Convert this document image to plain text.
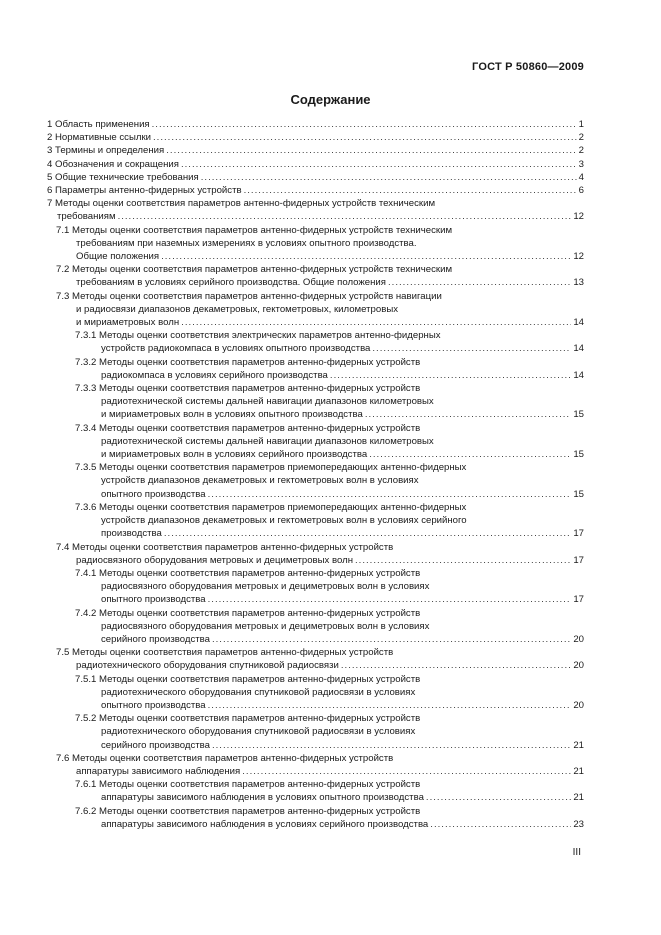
ГОСТ Р 50860—2009
Содержание
1 Область применения .....	1
2 Нормативные ссылки .....	2
3 Термины и определения .....	2
4 Обозначения и сокращения .....	3
5 Общие технические требования .....	4
6 Параметры антенно-фидерных устройств .....	6
7 Методы оценки соответствия параметров антенно-фидерных устройств техническим
требованиям .....	12
7.1 Методы оценки соответствия параметров антенно-фидерных устройств техническим
требованиям при наземных измерениях в условиях опытного производства.
Общие положения .....	12
7.2 Методы оценки соответствия параметров антенно-фидерных устройств техническим
требованиям в условиях серийного производства. Общие положения .....	13
7.3 Методы оценки соответствия параметров антенно-фидерных устройств навигации
и радиосвязи диапазонов декаметровых, гектометровых, километровых
и мириаметровых волн .....	14
7.3.1 Методы оценки соответствия электрических параметров антенно-фидерных
устройств радиокомпаса в условиях опытного производства .....	14
7.3.2 Методы оценки соответствия параметров антенно-фидерных устройств
радиокомпаса в условиях серийного производства .....	14
7.3.3 Методы оценки соответствия параметров антенно-фидерных устройств
радиотехнической системы дальней навигации диапазонов километровых
и мириаметровых волн в условиях опытного производства .....	15
7.3.4 Методы оценки соответствия параметров антенно-фидерных устройств
радиотехнической системы дальней навигации диапазонов километровых
и мириаметровых волн в условиях серийного производства .....	15
7.3.5 Методы оценки соответствия параметров приемопередающих антенно-фидерных
устройств диапазонов декаметровых и гектометровых волн в условиях
опытного производства .....	15
7.3.6 Методы оценки соответствия параметров приемопередающих антенно-фидерных
устройств диапазонов декаметровых и гектометровых волн в условиях серийного
производства .....	17
7.4 Методы оценки соответствия параметров антенно-фидерных устройств
радиосвязного оборудования метровых и дециметровых волн .....	17
7.4.1 Методы оценки соответствия параметров антенно-фидерных устройств
радиосвязного оборудования метровых и дециметровых волн в условиях
опытного производства .....	17
7.4.2 Методы оценки соответствия параметров антенно-фидерных устройств
радиосвязного оборудования метровых и дециметровых волн в условиях
серийного производства .....	20
7.5 Методы оценки соответствия параметров антенно-фидерных устройств
радиотехнического оборудования спутниковой радиосвязи .....	20
7.5.1 Методы оценки соответствия параметров антенно-фидерных устройств
радиотехнического оборудования спутниковой радиосвязи в условиях
опытного производства .....	20
7.5.2 Методы оценки соответствия параметров антенно-фидерных устройств
радиотехнического оборудования спутниковой радиосвязи в условиях
серийного производства .....	21
7.6 Методы оценки соответствия параметров антенно-фидерных устройств
аппаратуры зависимого наблюдения .....	21
7.6.1 Методы оценки соответствия параметров антенно-фидерных устройств
аппаратуры зависимого наблюдения в условиях опытного производства .....	21
7.6.2 Методы оценки соответствия параметров антенно-фидерных устройств
аппаратуры зависимого наблюдения в условиях серийного производства .....	23
III
